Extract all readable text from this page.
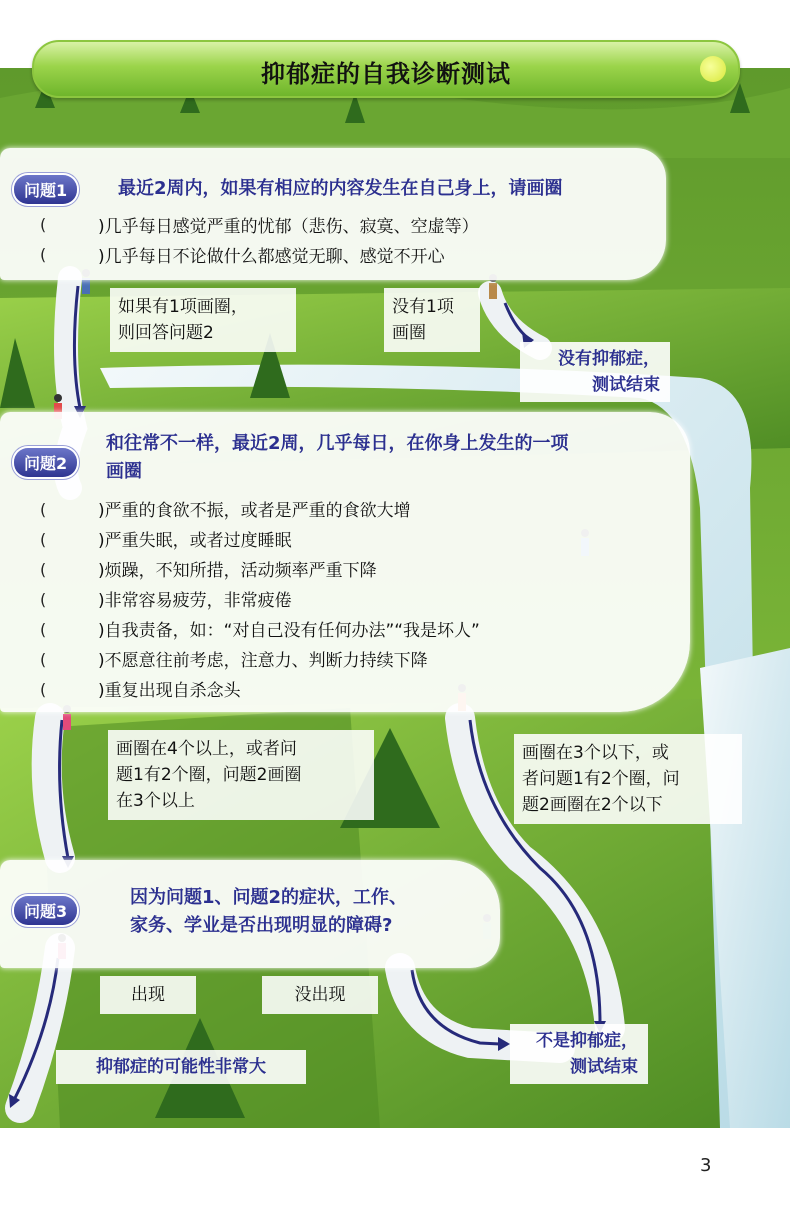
抑郁症的自我诊断测试
问题1	最近2周内，如果有相应的内容发生在自己身上，请画圈
(	)几乎每日感觉严重的忧郁（悲伤、寂寞、空虚等）
(	)几乎每日不论做什么都感觉无聊、感觉不开心
如果有1项画圈，
则回答问题2
没有1项
画圈
没有抑郁症，
测试结束
问题2
和往常不一样，最近2周，几乎每日，在你身上发生的一项
画圈
(	)严重的食欲不振，或者是严重的食欲大增
(	)严重失眠，或者过度睡眠
(	)烦躁，不知所措，活动频率严重下降
(	)非常容易疲劳，非常疲倦
(	)自我责备，如：“对自己没有任何办法”“我是坏人”
(	)不愿意往前考虑，注意力、判断力持续下降
(	)重复出现自杀念头
画圈在4个以上，或者问
题1有2个圈，问题2画圈
在3个以上
画圈在3个以下，或
者问题1有2个圈，问
题2画圈在2个以下
问题3
因为问题1、问题2的症状，工作、
家务、学业是否出现明显的障碍?
出现	没出现
抑郁症的可能性非常大
不是抑郁症，
测试结束
3
